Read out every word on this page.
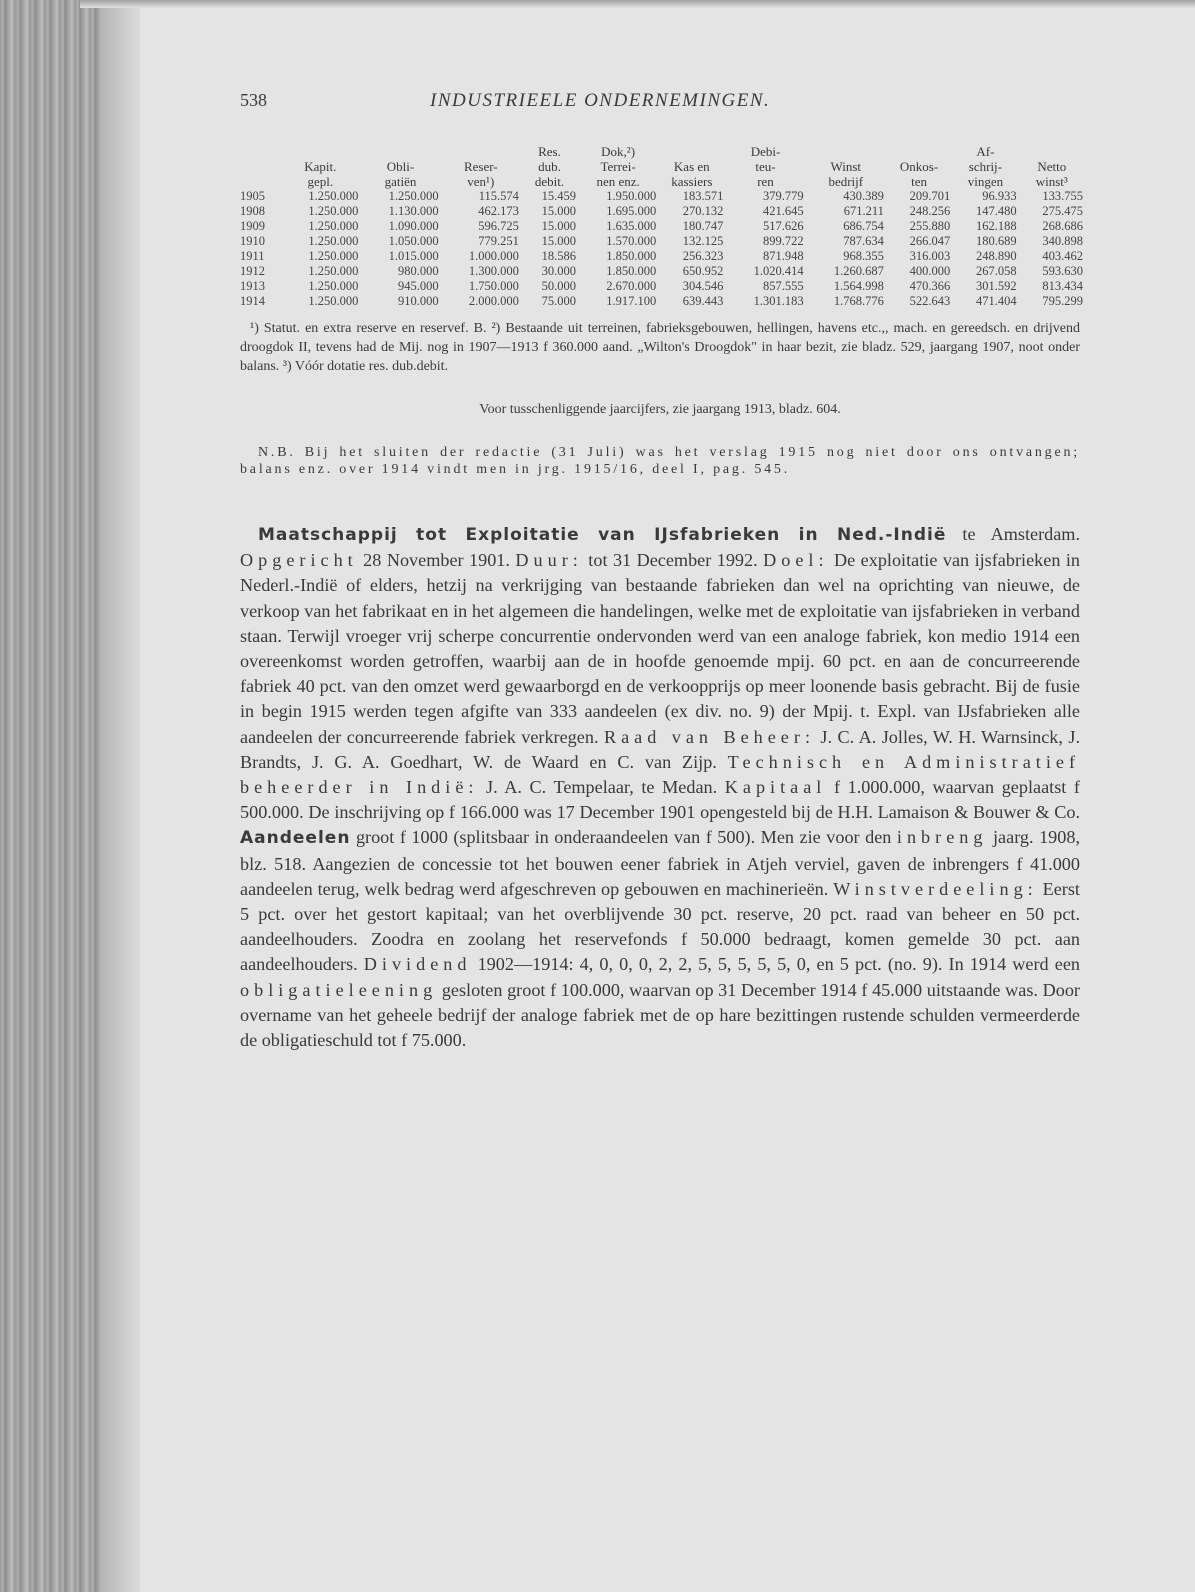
538	INDUSTRIEELE ONDERNEMINGEN.
				Res.	Dok,²)		Debi-			Af-	
	Kapit.	Obli-	Reser-	dub.	Terrei-	Kas en	teu-	Winst	Onkos-	schrij-	Netto
	gepl.	gatiën	ven¹)	debit.	nen enz.	kassiers	ren	bedrijf	ten	vingen	winst³
1905	1.250.000	1.250.000	115.574	15.459	1.950.000	183.571	379.779	430.389	209.701	96.933	133.755
1908	1.250.000	1.130.000	462.173	15.000	1.695.000	270.132	421.645	671.211	248.256	147.480	275.475
1909	1.250.000	1.090.000	596.725	15.000	1.635.000	180.747	517.626	686.754	255.880	162.188	268.686
1910	1.250.000	1.050.000	779.251	15.000	1.570.000	132.125	899.722	787.634	266.047	180.689	340.898
1911	1.250.000	1.015.000	1.000.000	18.586	1.850.000	256.323	871.948	968.355	316.003	248.890	403.462
1912	1.250.000	980.000	1.300.000	30.000	1.850.000	650.952	1.020.414	1.260.687	400.000	267.058	593.630
1913	1.250.000	945.000	1.750.000	50.000	2.670.000	304.546	857.555	1.564.998	470.366	301.592	813.434
1914	1.250.000	910.000	2.000.000	75.000	1.917.100	639.443	1.301.183	1.768.776	522.643	471.404	795.299

¹) Statut. en extra reserve en reservef. B. ²) Bestaande uit terreinen, fabrieksgebouwen, hellingen, havens etc.,, mach. en gereedsch. en drijvend droogdok II, tevens had de Mij. nog in 1907—1913 f 360.000 aand. „Wilton's Droogdok" in haar bezit, zie bladz. 529, jaargang 1907, noot onder balans. ³) Vóór dotatie res. dub.debit.

Voor tusschenliggende jaarcijfers, zie jaargang 1913, bladz. 604.

N.B. Bij het sluiten der redactie (31 Juli) was het verslag 1915 nog niet door ons ontvangen; balans enz. over 1914 vindt men in jrg. 1915/16, deel I, pag. 545.

Maatschappij tot Exploitatie van IJsfabrieken in Ned.-Indië te Amsterdam. Opgericht 28 November 1901. Duur: tot 31 December 1992. Doel: De exploitatie van ijsfabrieken in Nederl.-Indië of elders, hetzij na verkrijging van bestaande fabrieken dan wel na oprichting van nieuwe, de verkoop van het fabrikaat en in het algemeen die handelingen, welke met de exploitatie van ijsfabrieken in verband staan. Terwijl vroeger vrij scherpe concurrentie ondervonden werd van een analoge fabriek, kon medio 1914 een overeenkomst worden getroffen, waarbij aan de in hoofde genoemde mpij. 60 pct. en aan de concurreerende fabriek 40 pct. van den omzet werd gewaarborgd en de verkoopprijs op meer loonende basis gebracht. Bij de fusie in begin 1915 werden tegen afgifte van 333 aandeelen (ex div. no. 9) der Mpij. t. Expl. van IJsfabrieken alle aandeelen der concurreerende fabriek verkregen. Raad van Beheer: J. C. A. Jolles, W. H. Warnsinck, J. Brandts, J. G. A. Goedhart, W. de Waard en C. van Zijp. Technisch en Administratief beheerder in Indië: J. A. C. Tempelaar, te Medan. Kapitaal f 1.000.000, waarvan geplaatst f 500.000. De inschrijving op f 166.000 was 17 December 1901 opengesteld bij de H.H. Lamaison & Bouwer & Co. Aandeelen groot f 1000 (splitsbaar in onderaandeelen van f 500). Men zie voor den inbreng jaarg. 1908, blz. 518. Aangezien de concessie tot het bouwen eener fabriek in Atjeh verviel, gaven de inbrengers f 41.000 aandeelen terug, welk bedrag werd afgeschreven op gebouwen en machinerieën. Winstverdeeling: Eerst 5 pct. over het gestort kapitaal; van het overblijvende 30 pct. reserve, 20 pct. raad van beheer en 50 pct. aandeelhouders. Zoodra en zoolang het reservefonds f 50.000 bedraagt, komen gemelde 30 pct. aan aandeelhouders. Dividend 1902—1914: 4, 0, 0, 0, 2, 2, 5, 5, 5, 5, 5, 0, en 5 pct. (no. 9). In 1914 werd een obligatieleening gesloten groot f 100.000, waarvan op 31 December 1914 f 45.000 uitstaande was. Door overname van het geheele bedrijf der analoge fabriek met de op hare bezittingen rustende schulden vermeerderde de obligatieschuld tot f 75.000.
